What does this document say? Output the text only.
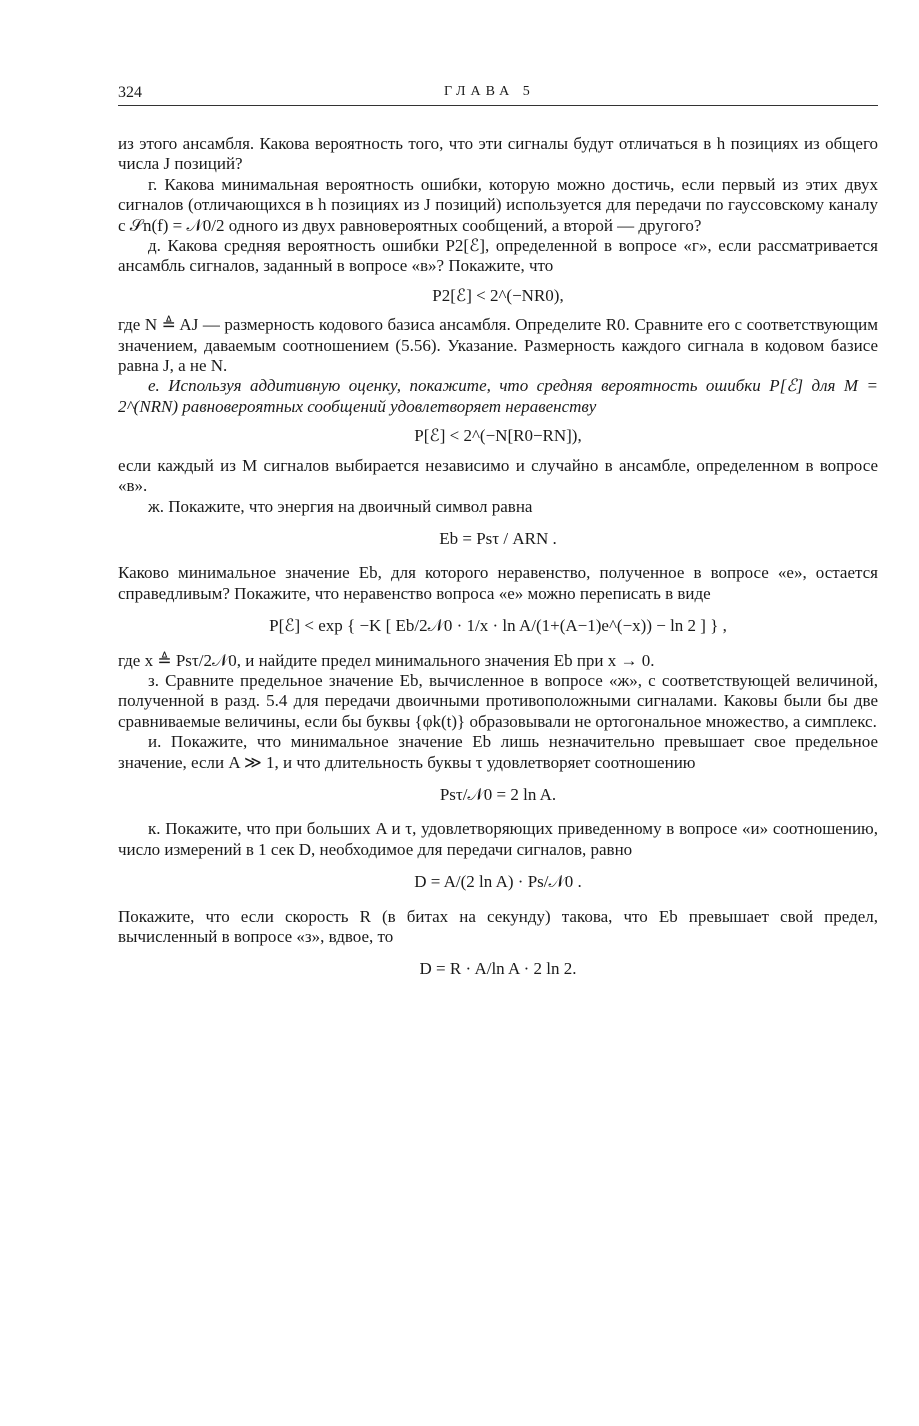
324	ГЛАВА 5

из этого ансамбля. Какова вероятность того, что эти сигналы будут отличаться в h позициях из общего числа J позиций?

г. Какова минимальная вероятность ошибки, которую можно достичь, если первый из этих двух сигналов (отличающихся в h позициях из J позиций) используется для передачи по гауссовскому каналу с 𝒮n(f) = 𝒩0/2 одного из двух равновероятных сообщений, а второй — другого?

д. Какова средняя вероятность ошибки P2[ℰ], определенной в вопросе «г», если рассматривается ансамбль сигналов, заданный в вопросе «в»? Покажите, что

P2[ℰ] < 2^(−NR0),

где N ≜ AJ — размерность кодового базиса ансамбля. Определите R0. Сравните его с соответствующим значением, даваемым соотношением (5.56). Указание. Размерность каждого сигнала в кодовом базисе равна J, а не N.

е. Используя аддитивную оценку, покажите, что средняя вероятность ошибки P[ℰ] для M = 2^(NRN) равновероятных сообщений удовлетворяет неравенству

P[ℰ] < 2^(−N[R0−RN]),

если каждый из M сигналов выбирается независимо и случайно в ансамбле, определенном в вопросе «в».

ж. Покажите, что энергия на двоичный символ равна

Eb = Psτ / ARN .

Каково минимальное значение Eb, для которого неравенство, полученное в вопросе «е», остается справедливым? Покажите, что неравенство вопроса «е» можно переписать в виде

P[ℰ] < exp { −K [ Eb/2𝒩0 · 1/x · ln A/(1+(A−1)e^(−x)) − ln 2 ] } ,

где x ≜ Psτ/2𝒩0, и найдите предел минимального значения Eb при x → 0.

з. Сравните предельное значение Eb, вычисленное в вопросе «ж», с соответствующей величиной, полученной в разд. 5.4 для передачи двоичными противоположными сигналами. Каковы были бы две сравниваемые величины, если бы буквы {φk(t)} образовывали не ортогональное множество, а симплекс.

и. Покажите, что минимальное значение Eb лишь незначительно превышает свое предельное значение, если A ≫ 1, и что длительность буквы τ удовлетворяет соотношению

Psτ/𝒩0 = 2 ln A.

к. Покажите, что при больших A и τ, удовлетворяющих приведенному в вопросе «и» соотношению, число измерений в 1 сек D, необходимое для передачи сигналов, равно

D = A/(2 ln A) · Ps/𝒩0 .

Покажите, что если скорость R (в битах на секунду) такова, что Eb превышает свой предел, вычисленный в вопросе «з», вдвое, то

D = R · A/ln A · 2 ln 2.
